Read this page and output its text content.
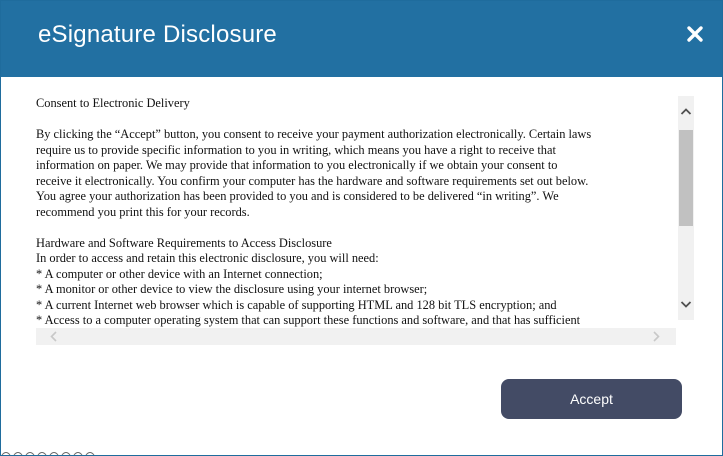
eSignature Disclosure

Consent to Electronic Delivery

By clicking the “Accept” button, you consent to receive your payment authorization electronically. Certain laws

require us to provide specific information to you in writing, which means you have a right to receive that

information on paper. We may provide that information to you electronically if we obtain your consent to

receive it electronically. You confirm your computer has the hardware and software requirements set out below.

You agree your authorization has been provided to you and is considered to be delivered “in writing”. We

recommend you print this for your records.

Hardware and Software Requirements to Access Disclosure

In order to access and retain this electronic disclosure, you will need:

* A computer or other device with an Internet connection;

* A monitor or other device to view the disclosure using your internet browser;

* A current Internet web browser which is capable of supporting HTML and 128 bit TLS encryption; and

* Access to a computer operating system that can support these functions and software, and that has sufficient

Accept
